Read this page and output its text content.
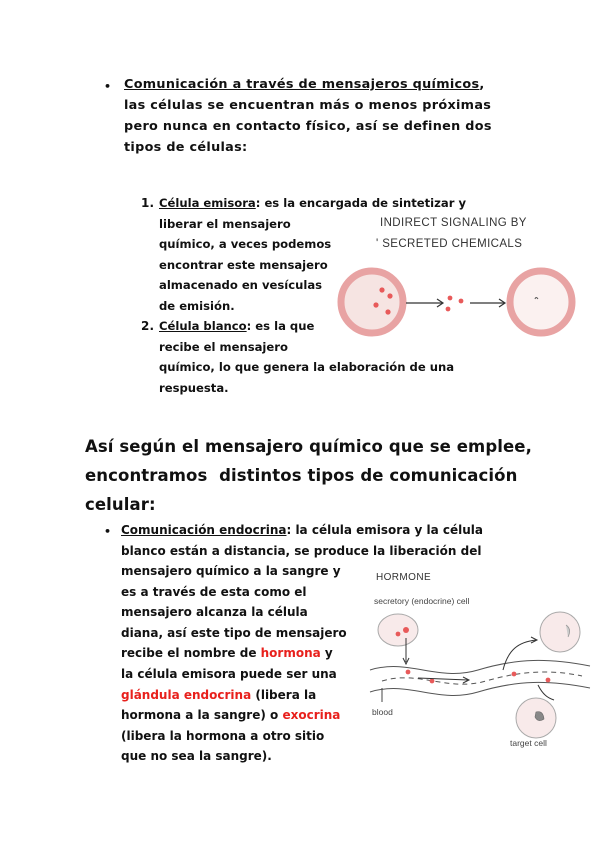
• Comunicación a través de mensajeros químicos,
las células se encuentran más o menos próximas
pero nunca en contacto físico, así se definen dos
tipos de células:
1. Célula emisora: es la encargada de sintetizar y
liberar el mensajero
químico, a veces podemos
encontrar este mensajero
almacenado en vesículas
de emisión.
2. Célula blanco: es la que
recibe el mensajero
químico, lo que genera la elaboración de una
respuesta.
INDIRECT SIGNALING BY
' SECRETED CHEMICALS
Así según el mensajero químico que se emplee,
encontramos  distintos tipos de comunicación
celular:
• Comunicación endocrina: la célula emisora y la célula
blanco están a distancia, se produce la liberación del
mensajero químico a la sangre y
es a través de esta como el
mensajero alcanza la célula
diana, así este tipo de mensajero
recibe el nombre de hormona y
la célula emisora puede ser una
glándula endocrina (libera la
hormona a la sangre) o exocrina
(libera la hormona a otro sitio
que no sea la sangre).
HORMONE
secretory (endocrine) cell
blood
target cell
